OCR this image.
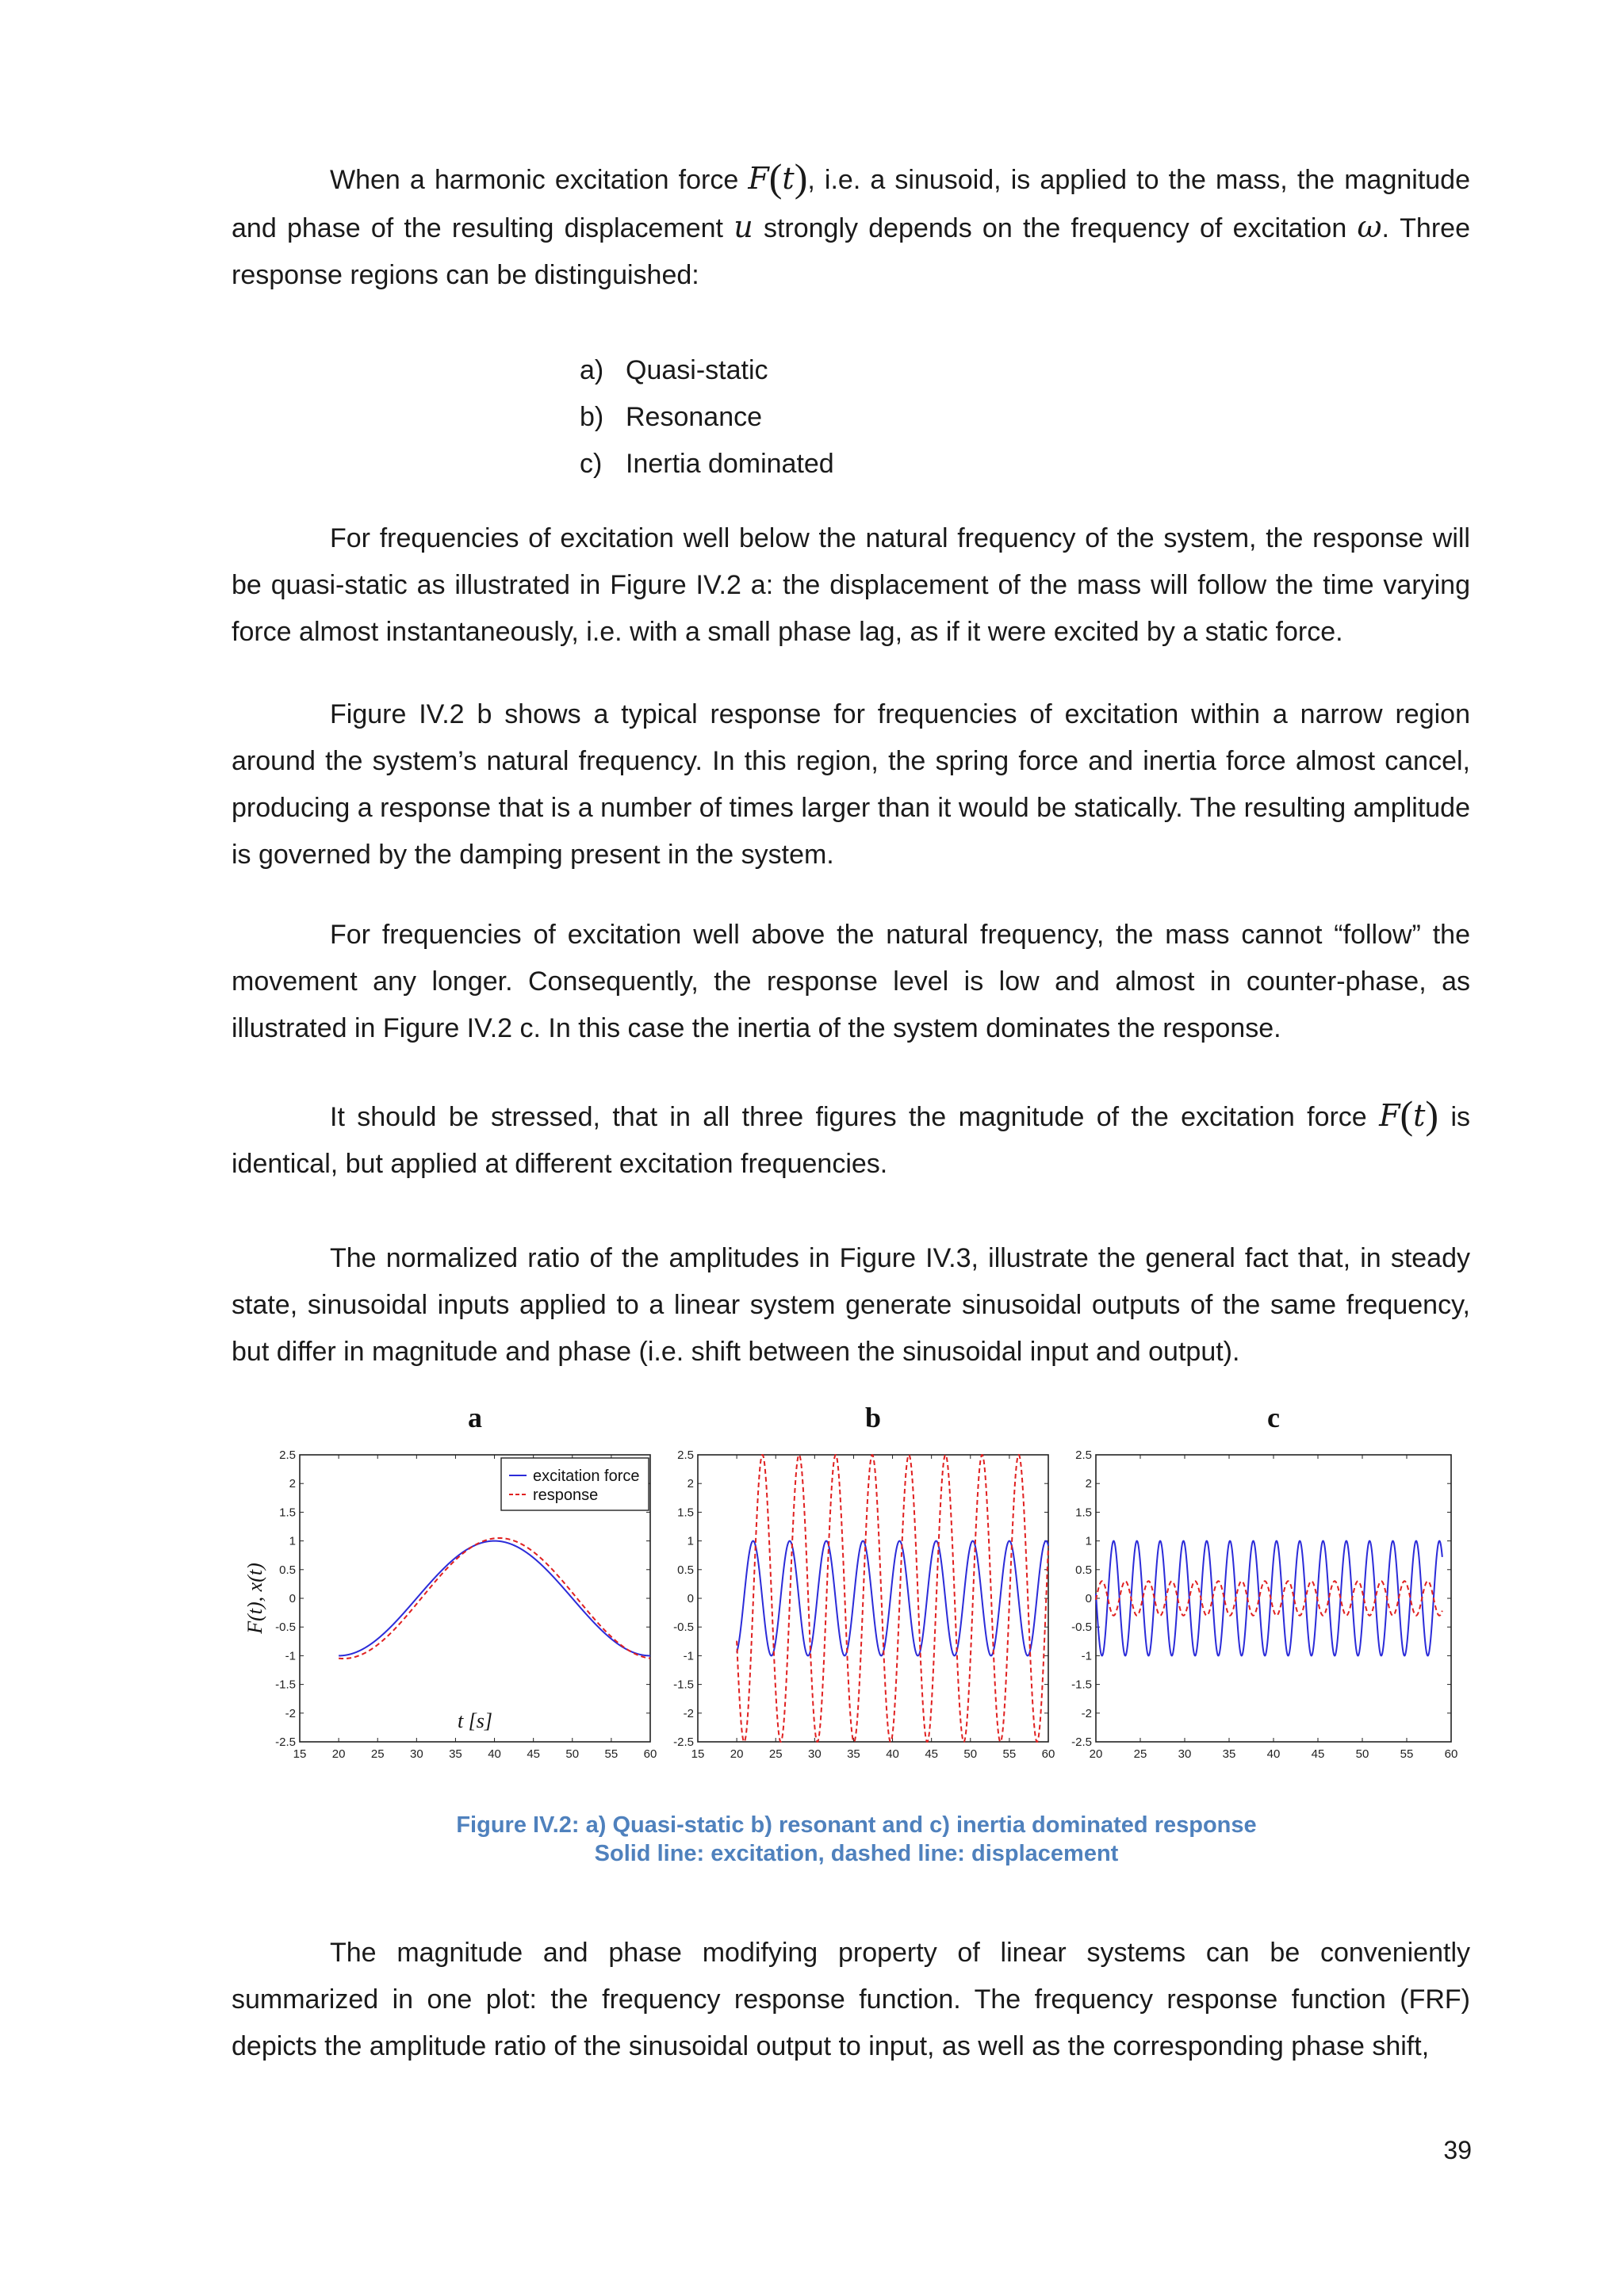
When a harmonic excitation force F(t), i.e. a sinusoid, is applied to the mass, the magnitude and phase of the resulting displacement u strongly depends on the frequency of excitation ω. Three response regions can be distinguished:

a) Quasi-static
b) Resonance
c) Inertia dominated

For frequencies of excitation well below the natural frequency of the system, the response will be quasi-static as illustrated in Figure IV.2 a: the displacement of the mass will follow the time varying force almost instantaneously, i.e. with a small phase lag, as if it were excited by a static force.

Figure IV.2 b shows a typical response for frequencies of excitation within a narrow region around the system’s natural frequency. In this region, the spring force and inertia force almost cancel, producing a response that is a number of times larger than it would be statically. The resulting amplitude is governed by the damping present in the system.

For frequencies of excitation well above the natural frequency, the mass cannot “follow” the movement any longer. Consequently, the response level is low and almost in counter-phase, as illustrated in Figure IV.2 c. In this case the inertia of the system dominates the response.

It should be stressed, that in all three figures the magnitude of the excitation force F(t) is identical, but applied at different excitation frequencies.

The normalized ratio of the amplitudes in Figure IV.3, illustrate the general fact that, in steady state, sinusoidal inputs applied to a linear system generate sinusoidal outputs of the same frequency, but differ in magnitude and phase (i.e. shift between the sinusoidal input and output).

a
2.5
2
1.5
1
0.5
0
-0.5
-1
-1.5
-2
-2.5
15 20 25 30 35 40 45 50 55 60
F(t), x(t)
t [s]
excitation force
response
b
2.5
2
1.5
1
0.5
0
-0.5
-1
-1.5
-2
-2.5
15 20 25 30 35 40 45 50 55 60
c
2.5
2
1.5
1
0.5
0
-0.5
-1
-1.5
-2
-2.5
20	25	30	35	40	45	50	55	60
Figure IV.2: a) Quasi-static b) resonant and c) inertia dominated response
Solid line: excitation, dashed line: displacement

The magnitude and phase modifying property of linear systems can be conveniently summarized in one plot: the frequency response function. The frequency response function (FRF) depicts the amplitude ratio of the sinusoidal output to input, as well as the corresponding phase shift,

39
